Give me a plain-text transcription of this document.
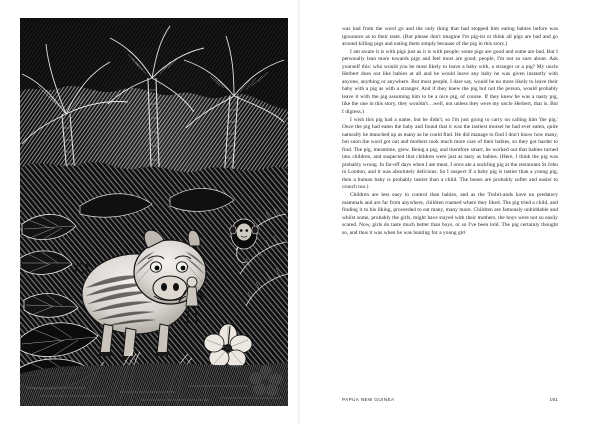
was bad from the word go and the only thing that had stopped him eating babies before was ignorance as to their taste. (But please don't imagine I'm pig-ist or think all pigs are bad and go around killing pigs and eating them simply because of the pig in this story.)

I am aware it is with pigs just as it is with people; some pigs are good and some are bad. But I personally lean more towards pigs and feel most are good; people, I'm not so sure about. Ask yourself this: who would you be most likely to leave a baby with, a stranger or a pig? My uncle Herbert does not like babies at all and he would leave any baby he was given instantly with anyone, anything or anywhere. But most people, I dare say, would be no more likely to leave their baby with a pig as with a stranger. And if they knew the pig but not the person, would probably leave it with the pig assuming him to be a nice pig, of course. If they knew he was a nasty pig, like the one in this story, they wouldn't…well, not unless they were my uncle Herbert, that is. But I digress.)

I wish this pig had a name, but he didn't, so I'm just going to carry on calling him 'the pig.' Once the pig had eaten the baby and found that it was the tastiest morsel he had ever eaten, quite naturally he munched up as many as he could find. He did manage to find I don't know how many, but soon the word got out and mothers took much more care of their babies, so they got harder to find. The pig, meantime, grew. Being a pig, and therefore smart, he worked out that babies turned into children, and suspected that children were just as tasty as babies. (Here, I think the pig was probably wrong. In far-off days when I ate meat, I once ate a suckling pig at the restaurant St John in London, and it was absolutely delicious. So I suspect if a baby pig is tastier than a young pig, then a human baby is probably tastier than a child. The bones are probably softer and easier to crunch too.)

Children are less easy to control than babies, and as the Trobri-ands have no predatory mammals and are far from anywhere, children roamed where they liked. The pig tried a child, and finding it to his liking, proceeded to eat many, many more. Children are famously unbiddable and whilst some, probably the girls, might have stayed with their mothers, the boys were not so easily scared. Now, girls do taste much better than boys, or so I've been told. The pig certainly thought so, and thus it was when he was hunting for a young girl

PAPUA NEW GUINEA	191
